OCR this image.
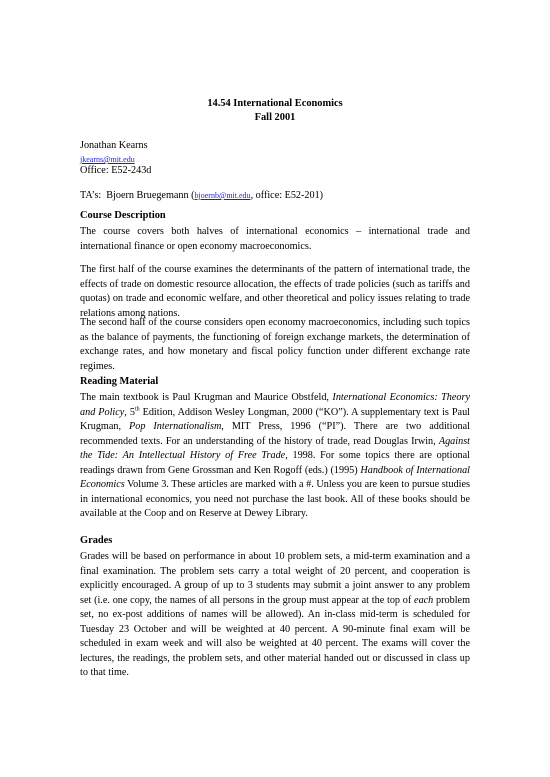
14.54 International Economics
Fall 2001
Jonathan Kearns
jkearns@mit.edu
Office: E52-243d
TA’s: Bjoern Bruegemann (bjoernb@mit.edu, office: E52-201)
Course Description
The course covers both halves of international economics – international trade and international finance or open economy macroeconomics.
The first half of the course examines the determinants of the pattern of international trade, the effects of trade on domestic resource allocation, the effects of trade policies (such as tariffs and quotas) on trade and economic welfare, and other theoretical and policy issues relating to trade relations among nations.
The second half of the course considers open economy macroeconomics, including such topics as the balance of payments, the functioning of foreign exchange markets, the determination of exchange rates, and how monetary and fiscal policy function under different exchange rate regimes.
Reading Material
The main textbook is Paul Krugman and Maurice Obstfeld, International Economics: Theory and Policy, 5th Edition, Addison Wesley Longman, 2000 (“KO”). A supplementary text is Paul Krugman, Pop Internationalism, MIT Press, 1996 (“PI”). There are two additional recommended texts. For an understanding of the history of trade, read Douglas Irwin, Against the Tide: An Intellectual History of Free Trade, 1998. For some topics there are optional readings drawn from Gene Grossman and Ken Rogoff (eds.) (1995) Handbook of International Economics Volume 3. These articles are marked with a #. Unless you are keen to pursue studies in international economics, you need not purchase the last book. All of these books should be available at the Coop and on Reserve at Dewey Library.
Grades
Grades will be based on performance in about 10 problem sets, a mid-term examination and a final examination. The problem sets carry a total weight of 20 percent, and cooperation is explicitly encouraged. A group of up to 3 students may submit a joint answer to any problem set (i.e. one copy, the names of all persons in the group must appear at the top of each problem set, no ex-post additions of names will be allowed). An in-class mid-term is scheduled for Tuesday 23 October and will be weighted at 40 percent. A 90-minute final exam will be scheduled in exam week and will also be weighted at 40 percent. The exams will cover the lectures, the readings, the problem sets, and other material handed out or discussed in class up to that time.
